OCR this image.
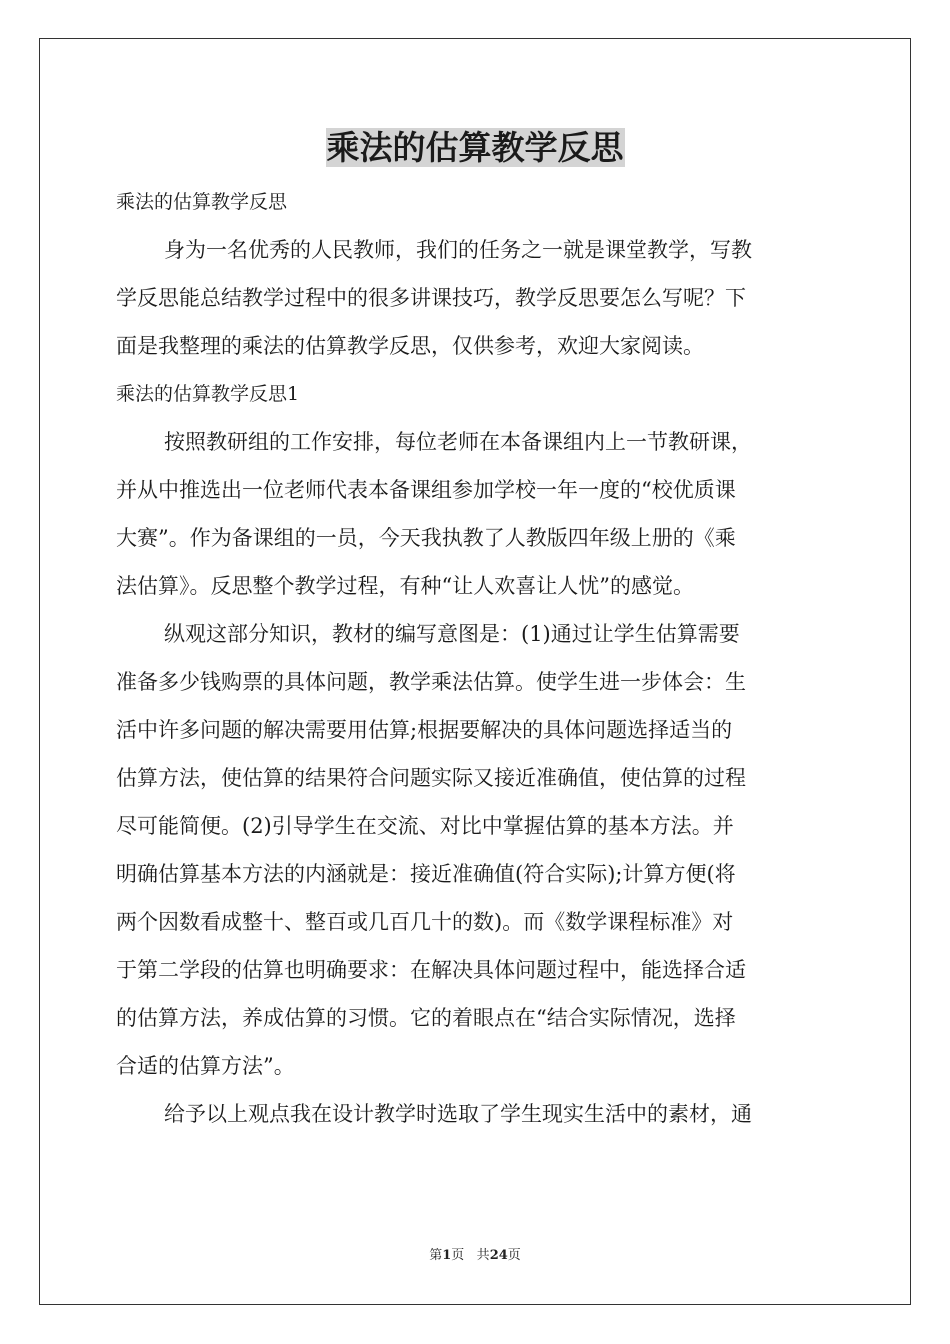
乘法的估算教学反思
乘法的估算教学反思
身为一名优秀的人民教师，我们的任务之一就是课堂教学，写教
学反思能总结教学过程中的很多讲课技巧，教学反思要怎么写呢？下
面是我整理的乘法的估算教学反思，仅供参考，欢迎大家阅读。
乘法的估算教学反思1
按照教研组的工作安排，每位老师在本备课组内上一节教研课，
并从中推选出一位老师代表本备课组参加学校一年一度的“校优质课
大赛”。作为备课组的一员，今天我执教了人教版四年级上册的《乘
法估算》。反思整个教学过程，有种“让人欢喜让人忧”的感觉。
纵观这部分知识，教材的编写意图是：(1)通过让学生估算需要
准备多少钱购票的具体问题，教学乘法估算。使学生进一步体会：生
活中许多问题的解决需要用估算;根据要解决的具体问题选择适当的
估算方法，使估算的结果符合问题实际又接近准确值，使估算的过程
尽可能简便。(2)引导学生在交流、对比中掌握估算的基本方法。并
明确估算基本方法的内涵就是：接近准确值(符合实际);计算方便(将
两个因数看成整十、整百或几百几十的数)。而《数学课程标准》对
于第二学段的估算也明确要求：在解决具体问题过程中，能选择合适
的估算方法，养成估算的习惯。它的着眼点在“结合实际情况，选择
合适的估算方法”。
给予以上观点我在设计教学时选取了学生现实生活中的素材，通
第1页 共24页
